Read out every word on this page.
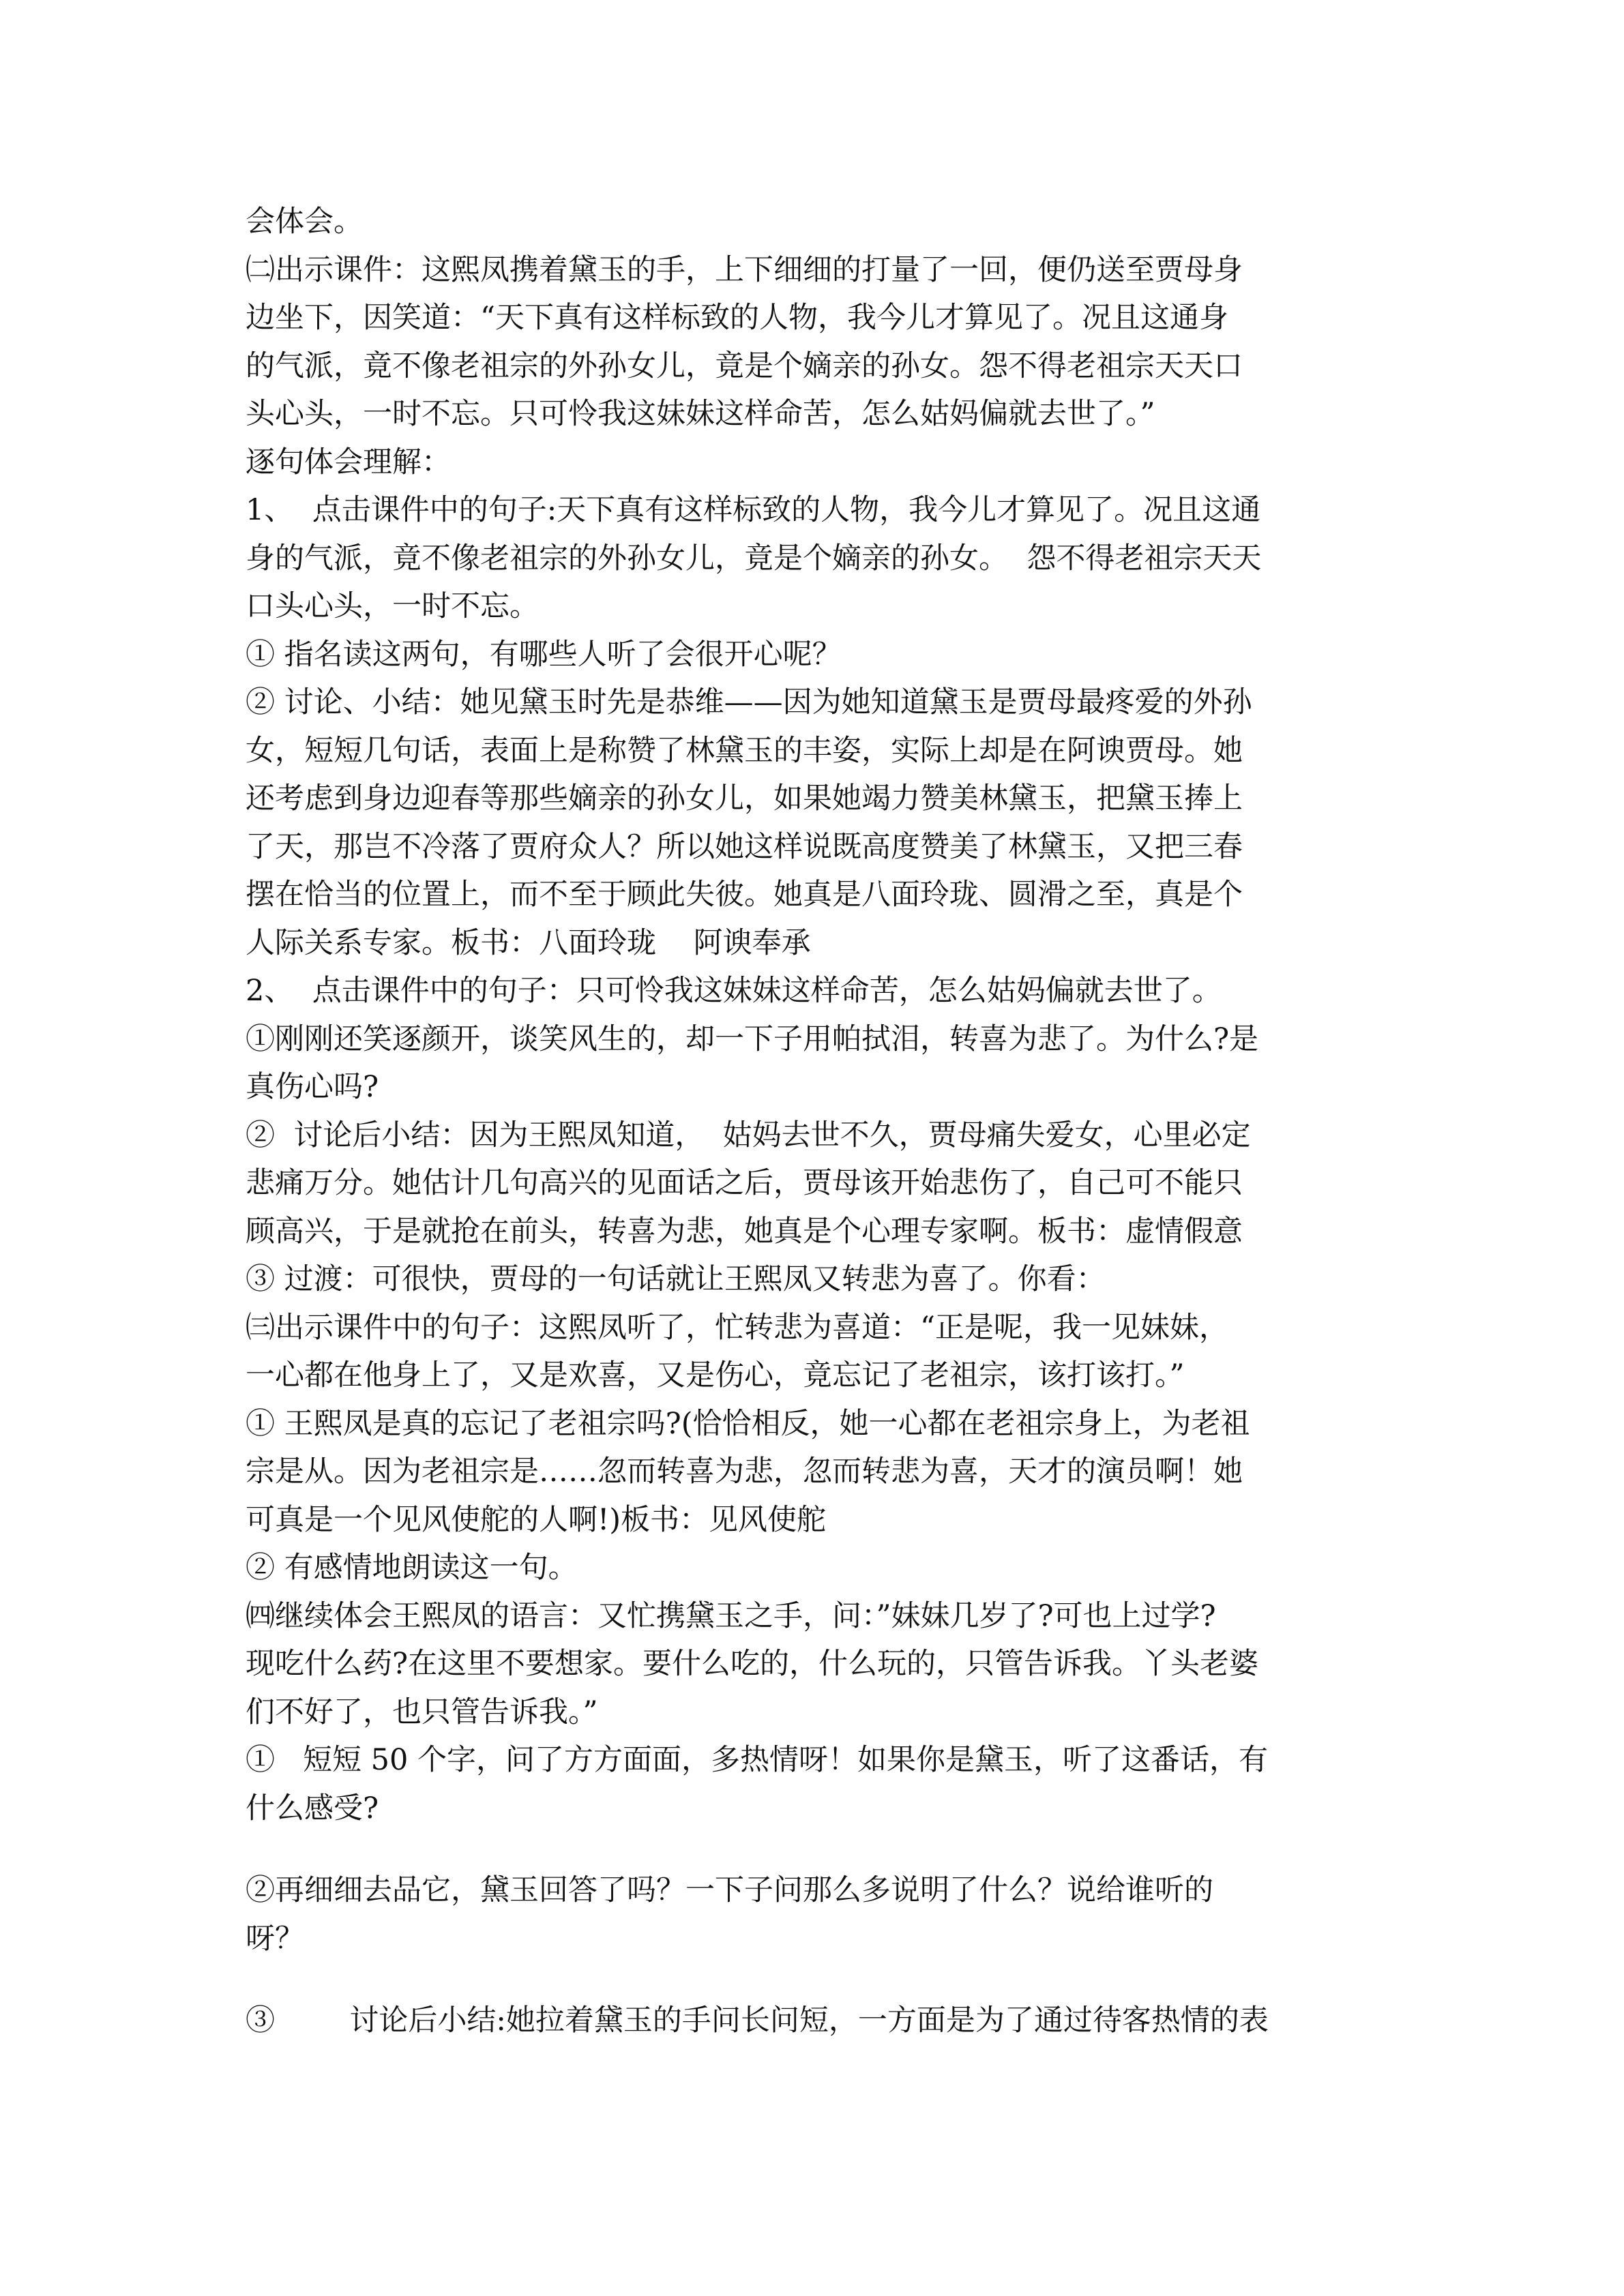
会体会。
㈡出示课件：这熙凤携着黛玉的手，上下细细的打量了一回，便仍送至贾母身
边坐下，因笑道：“天下真有这样标致的人物，我今儿才算见了。况且这通身
的气派，竟不像老祖宗的外孙女儿，竟是个嫡亲的孙女。怨不得老祖宗天天口
头心头，一时不忘。只可怜我这妹妹这样命苦，怎么姑妈偏就去世了。”
逐句体会理解：
1、  点击课件中的句子:天下真有这样标致的人物，我今儿才算见了。况且这通
身的气派，竟不像老祖宗的外孙女儿，竟是个嫡亲的孙女。  怨不得老祖宗天天
口头心头，一时不忘。
① 指名读这两句，有哪些人听了会很开心呢？
② 讨论、小结：她见黛玉时先是恭维——因为她知道黛玉是贾母最疼爱的外孙
女，短短几句话，表面上是称赞了林黛玉的丰姿，实际上却是在阿谀贾母。她
还考虑到身边迎春等那些嫡亲的孙女儿，如果她竭力赞美林黛玉，把黛玉捧上
了天，那岂不冷落了贾府众人？所以她这样说既高度赞美了林黛玉，又把三春
摆在恰当的位置上，而不至于顾此失彼。她真是八面玲珑、圆滑之至，真是个
人际关系专家。板书：八面玲珑    阿谀奉承
2、  点击课件中的句子：只可怜我这妹妹这样命苦，怎么姑妈偏就去世了。
①刚刚还笑逐颜开，谈笑风生的，却一下子用帕拭泪，转喜为悲了。为什么?是
真伤心吗?
②  讨论后小结：因为王熙凤知道，  姑妈去世不久，贾母痛失爱女，心里必定
悲痛万分。她估计几句高兴的见面话之后，贾母该开始悲伤了，自己可不能只
顾高兴，于是就抢在前头，转喜为悲，她真是个心理专家啊。板书：虚情假意
③ 过渡：可很快，贾母的一句话就让王熙凤又转悲为喜了。你看：
㈢出示课件中的句子：这熙凤听了，忙转悲为喜道：“正是呢，我一见妹妹，
一心都在他身上了，又是欢喜，又是伤心，竟忘记了老祖宗，该打该打。”
① 王熙凤是真的忘记了老祖宗吗?(恰恰相反，她一心都在老祖宗身上，为老祖
宗是从。因为老祖宗是……忽而转喜为悲，忽而转悲为喜，天才的演员啊！她
可真是一个见风使舵的人啊!)板书：见风使舵
② 有感情地朗读这一句。
㈣继续体会王熙凤的语言：又忙携黛玉之手，问：”妹妹几岁了?可也上过学?
现吃什么药?在这里不要想家。要什么吃的，什么玩的，只管告诉我。丫头老婆
们不好了，也只管告诉我。”
①   短短 50 个字，问了方方面面，多热情呀！如果你是黛玉，听了这番话，有
什么感受?
②再细细去品它，黛玉回答了吗？一下子问那么多说明了什么？说给谁听的
呀？
③        讨论后小结:她拉着黛玉的手问长问短，一方面是为了通过待客热情的表
